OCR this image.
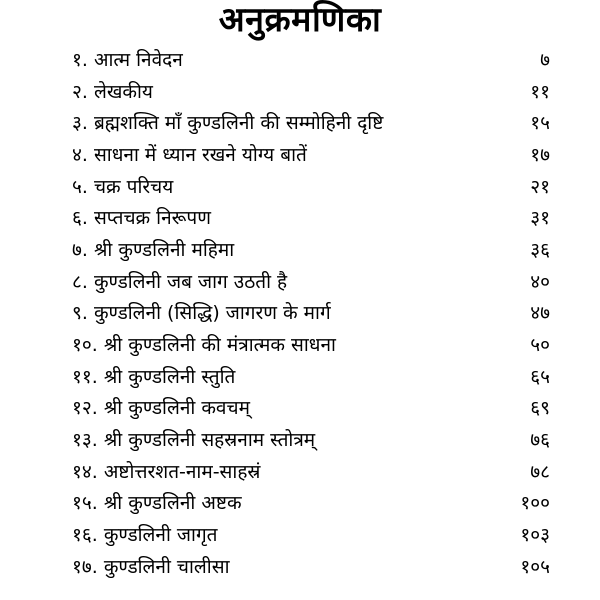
अनुक्रमणिका
१. आत्म निवेदन	७
२. लेखकीय	११
३. ब्रह्मशक्ति माँ कुण्डलिनी की सम्मोहिनी दृष्टि	१५
४. साधना में ध्यान रखने योग्य बातें	१७
५. चक्र परिचय	२१
६. सप्तचक्र निरूपण	३१
७. श्री कुण्डलिनी महिमा	३६
८. कुण्डलिनी जब जाग उठती है	४०
९. कुण्डलिनी (सिद्धि) जागरण के मार्ग	४७
१०. श्री कुण्डलिनी की मंत्रात्मक साधना	५०
११. श्री कुण्डलिनी स्तुति	६५
१२. श्री कुण्डलिनी कवचम्	६९
१३. श्री कुण्डलिनी सहस्रनाम स्तोत्रम्	७६
१४. अष्टोत्तरशत-नाम-साहस्रं	७८
१५. श्री कुण्डलिनी अष्टक	१००
१६. कुण्डलिनी जागृत	१०३
१७. कुण्डलिनी चालीसा	१०५
